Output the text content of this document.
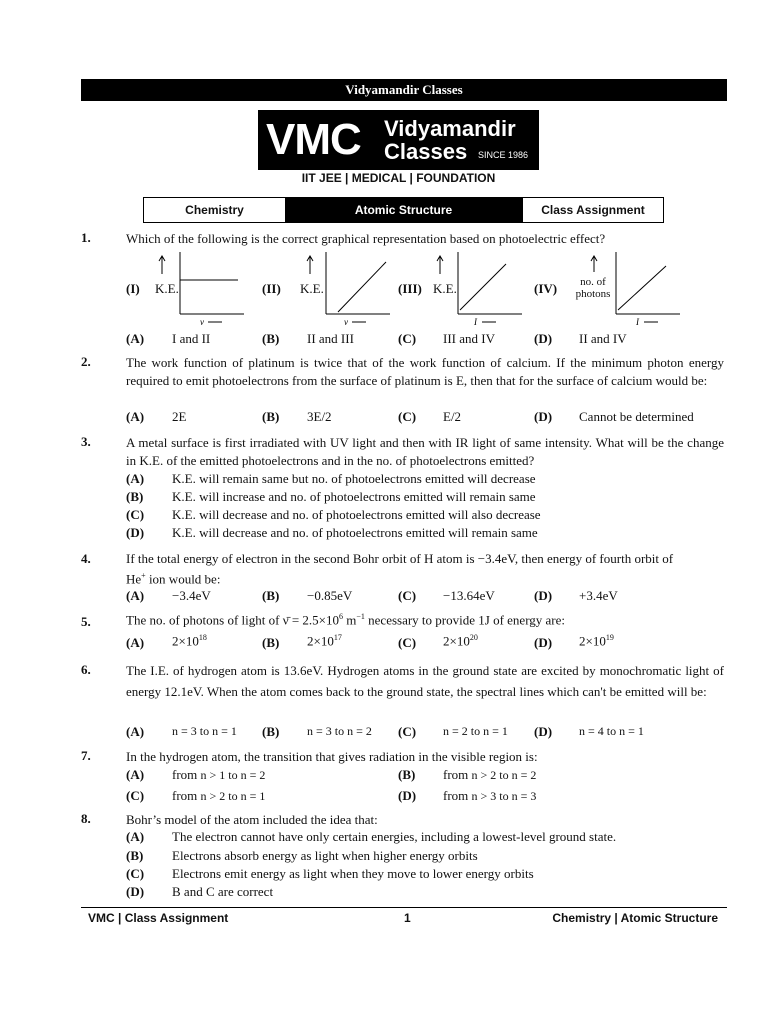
Vidyamandir Classes
VMC Vidyamandir
Classes SINCE 1986
IIT JEE | MEDICAL | FOUNDATION
Chemistry	Atomic Structure	Class Assignment
1.	Which of the following is the correct graphical representation based on photoelectric effect?
(I) K.E.
v
(II) K.E.
v
(III) K.E.
I
(IV)	no. of
photons
I
(A) I and II	(B) II and III	(C) III and IV	(D) II and IV
2.	The work function of platinum is twice that of the work function of calcium. If the minimum photon energy required to emit photoelectrons from the surface of platinum is E, then that for the surface of calcium would be:
(A) 2E	(B) 3E/2	(C) E/2	(D) Cannot be determined
3.	A metal surface is first irradiated with UV light and then with IR light of same intensity. What will be the change in K.E. of the emitted photoelectrons and in the no. of photoelectrons emitted?
(A) K.E. will remain same but no. of photoelectrons emitted will decrease
(B) K.E. will increase and no. of photoelectrons emitted will remain same
(C) K.E. will decrease and no. of photoelectrons emitted will also decrease
(D) K.E. will decrease and no. of photoelectrons emitted will remain same
4.	If the total energy of electron in the second Bohr orbit of H atom is −3.4eV, then energy of fourth orbit of
He+ ion would be:
(A) −3.4eV	(B) −0.85eV	(C) −13.64eV	(D) +3.4eV
5.	The no. of photons of light of ν̄ = $2.5\times 10^6$ $m^{-1}$ necessary to provide 1J of energy are:
(A) $2\times 10^{18}$	(B) $2\times 10^{17}$	(C) $2\times 10^{20}$	(D) $2\times 10^{19}$
6.	The I.E. of hydrogen atom is 13.6eV. Hydrogen atoms in the ground state are excited by monochromatic light of energy 12.1eV. When the atom comes back to the ground state, the spectral lines which can't be emitted will be:
(A) n = 3 to n = 1 (B) n = 3 to n = 2 (C) n = 2 to n = 1 (D) n = 4 to n = 1
7.	In the hydrogen atom, the transition that gives radiation in the visible region is:
(A) from n > 1 to n = 2	(B) from n > 2 to n = 2
(C) from n > 2 to n = 1	(D) from n > 3 to n = 3
8.	Bohr’s model of the atom included the idea that:
(A) The electron cannot have only certain energies, including a lowest-level ground state.
(B) Electrons absorb energy as light when higher energy orbits
(C) Electrons emit energy as light when they move to lower energy orbits
(D) B and C are correct
VMC | Class Assignment	1	Chemistry | Atomic Structure
